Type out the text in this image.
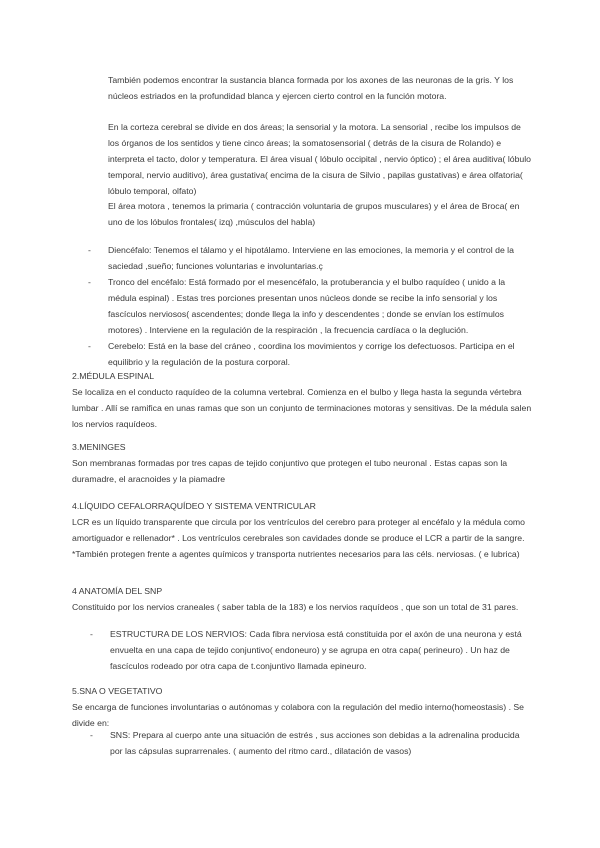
También podemos encontrar la sustancia blanca formada por los axones de las neuronas de la gris. Y los núcleos estriados en la profundidad blanca y ejercen cierto control en la función motora.

En la corteza cerebral se divide en dos áreas; la sensorial y la motora. La sensorial , recibe los impulsos de los órganos de los sentidos y tiene cinco áreas; la somatosensorial ( detrás de la cisura de Rolando) e interpreta el tacto, dolor y temperatura. El área visual ( lóbulo occipital , nervio óptico) ; el área auditiva( lóbulo temporal, nervio auditivo), área gustativa( encima de la cisura de Silvio , papilas gustativas) e área olfatoria( lóbulo temporal, olfato)

El área motora , tenemos la primaria ( contracción voluntaria de grupos musculares) y el área de Broca( en uno de los lóbulos frontales( izq) ,músculos del habla)

- Diencéfalo: Tenemos el tálamo y el hipotálamo. Interviene en las emociones, la memoria y el control de la saciedad ,sueño; funciones voluntarias e involuntarias.ç
- Tronco del encéfalo: Está formado por el mesencéfalo, la protuberancia y el bulbo raquídeo ( unido a la médula espinal) . Estas tres porciones presentan unos núcleos donde se recibe la info sensorial y los fascículos nerviosos( ascendentes; donde llega la info y descendentes ; donde se envían los estímulos motores) . Interviene en la regulación de la respiración , la frecuencia cardíaca o la deglución.
- Cerebelo: Está en la base del cráneo , coordina los movimientos y corrige los defectuosos. Participa en el equilibrio y la regulación de la postura corporal.

2.MÉDULA ESPINAL

Se localiza en el conducto raquídeo de la columna vertebral. Comienza en el bulbo y llega hasta la segunda vértebra lumbar . Allí se ramifica en unas ramas que son un conjunto de terminaciones motoras y sensitivas. De la médula salen los nervios raquídeos.

3.MENINGES

Son membranas formadas por tres capas de tejido conjuntivo que protegen el tubo neuronal . Estas capas son la duramadre, el aracnoides y la piamadre

4.LÍQUIDO CEFALORRAQUÍDEO Y SISTEMA VENTRICULAR

LCR es un líquido transparente que circula por los ventrículos del cerebro para proteger al encéfalo y la médula como amortiguador e rellenador* . Los ventrículos cerebrales son cavidades donde se produce el LCR a partir de la sangre. *También protegen frente a agentes químicos y transporta nutrientes necesarios para las céls. nerviosas. ( e lubrica)

4 ANATOMÍA DEL SNP

Constituido por los nervios craneales ( saber tabla de la 183) e los nervios raquídeos , que son un total de 31 pares.

- ESTRUCTURA DE LOS NERVIOS: Cada fibra nerviosa está constituida por el axón de una neurona y está envuelta en una capa de tejido conjuntivo( endoneuro) y se agrupa en otra capa( perineuro) . Un haz de fascículos rodeado por otra capa de t.conjuntivo llamada epineuro.

5.SNA O VEGETATIVO

Se encarga de funciones involuntarias o autónomas y colabora con la regulación del medio interno(homeostasis) . Se divide en:

- SNS: Prepara al cuerpo ante una situación de estrés , sus acciones son debidas a la adrenalina producida por las cápsulas suprarrenales. ( aumento del ritmo card., dilatación de vasos)
